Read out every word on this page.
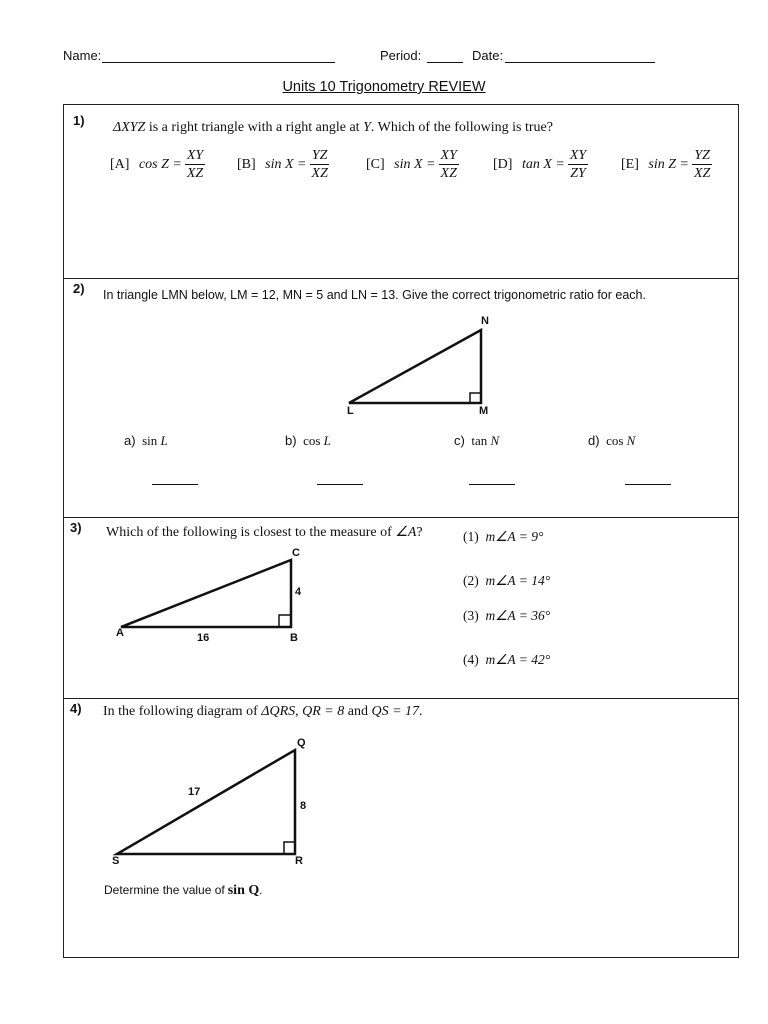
Name:	Period:	Date:
Units 10 Trigonometry REVIEW
1) ΔXYZ is a right triangle with a right angle at Y. Which of the following is true?
[A]
$\cos Z = \frac{XY}{XZ} [B]$
$\sin X = \frac{YZ}{XZ}$	[C]
$\sin X = \frac{XY}{XZ} [D]$
$\tan X = \frac{XY}{ZY} [E]$
$\sin Z = \frac{YZ}{XZ}$
2) In triangle LMN below, LM = 12, MN = 5 and LN = 13. Give the correct trigonometric ratio for each.
N
L	M
a) sin L	b) cos L	c) tan N	d) cos N
3) Which of the following is closest to the measure of ∠A?
C
4
A	16	B
(1) m∠A = 9°
(2) m∠A = 14°
(3) m∠A = 36°
(4) m∠A = 42°
4) In the following diagram of ΔQRS, QR = 8 and QS = 17.
Q
17
8
S	R
Determine the value of sin Q.
